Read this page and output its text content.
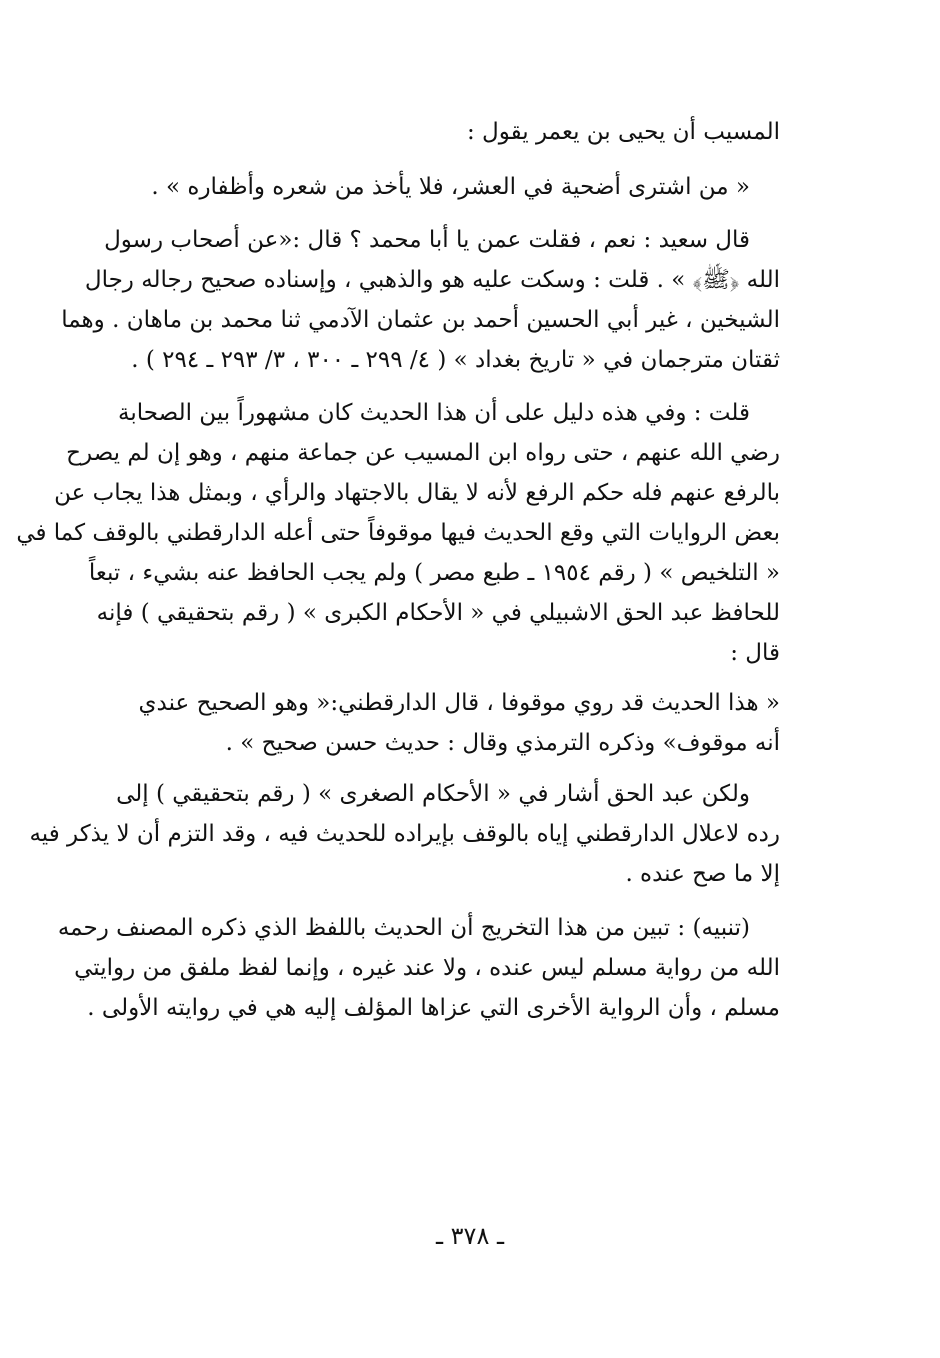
المسيب أن يحيى بن يعمر يقول :
« من اشترى أضحية في العشر، فلا يأخذ من شعره وأظفاره » .
قال سعيد : نعم ، فقلت عمن يا أبا محمد ؟ قال :«عن أصحاب رسول
الله ﴿ﷺ﴾ » . قلت : وسكت عليه هو والذهبي ، وإسناده صحيح رجاله رجال
الشيخين ، غير أبي الحسين أحمد بن عثمان الآدمي ثنا محمد بن ماهان . وهما
ثقتان مترجمان في « تاريخ بغداد » ( ٤/ ٢٩٩ ـ ٣٠٠ ، ٣/ ٢٩٣ ـ ٢٩٤ ) .
قلت : وفي هذه دليل على أن هذا الحديث كان مشهوراً بين الصحابة
رضي الله عنهم ، حتى رواه ابن المسيب عن جماعة منهم ، وهو إن لم يصرح
بالرفع عنهم فله حكم الرفع لأنه لا يقال بالاجتهاد والرأي ، وبمثل هذا يجاب عن
بعض الروايات التي وقع الحديث فيها موقوفاً حتى أعله الدارقطني بالوقف كما في
« التلخيص » ( رقم ١٩٥٤ ـ طبع مصر ) ولم يجب الحافظ عنه بشيء ، تبعاً
للحافظ عبد الحق الاشبيلي في « الأحكام الكبرى » ( رقم بتحقيقي ) فإنه
قال :
« هذا الحديث قد روي موقوفا ، قال الدارقطني:« وهو الصحيح عندي
أنه موقوف» وذكره الترمذي وقال : حديث حسن صحيح » .
ولكن عبد الحق أشار في « الأحكام الصغرى » ( رقم بتحقيقي ) إلى
رده لاعلال الدارقطني إياه بالوقف بإيراده للحديث فيه ، وقد التزم أن لا يذكر فيه
إلا ما صح عنده .
(تنبيه) : تبين من هذا التخريج أن الحديث باللفظ الذي ذكره المصنف رحمه
الله من رواية مسلم ليس عنده ، ولا عند غيره ، وإنما لفظ ملفق من روايتي
مسلم ، وأن الرواية الأخرى التي عزاها المؤلف إليه هي في روايته الأولى .
ـ ٣٧٨ ـ
